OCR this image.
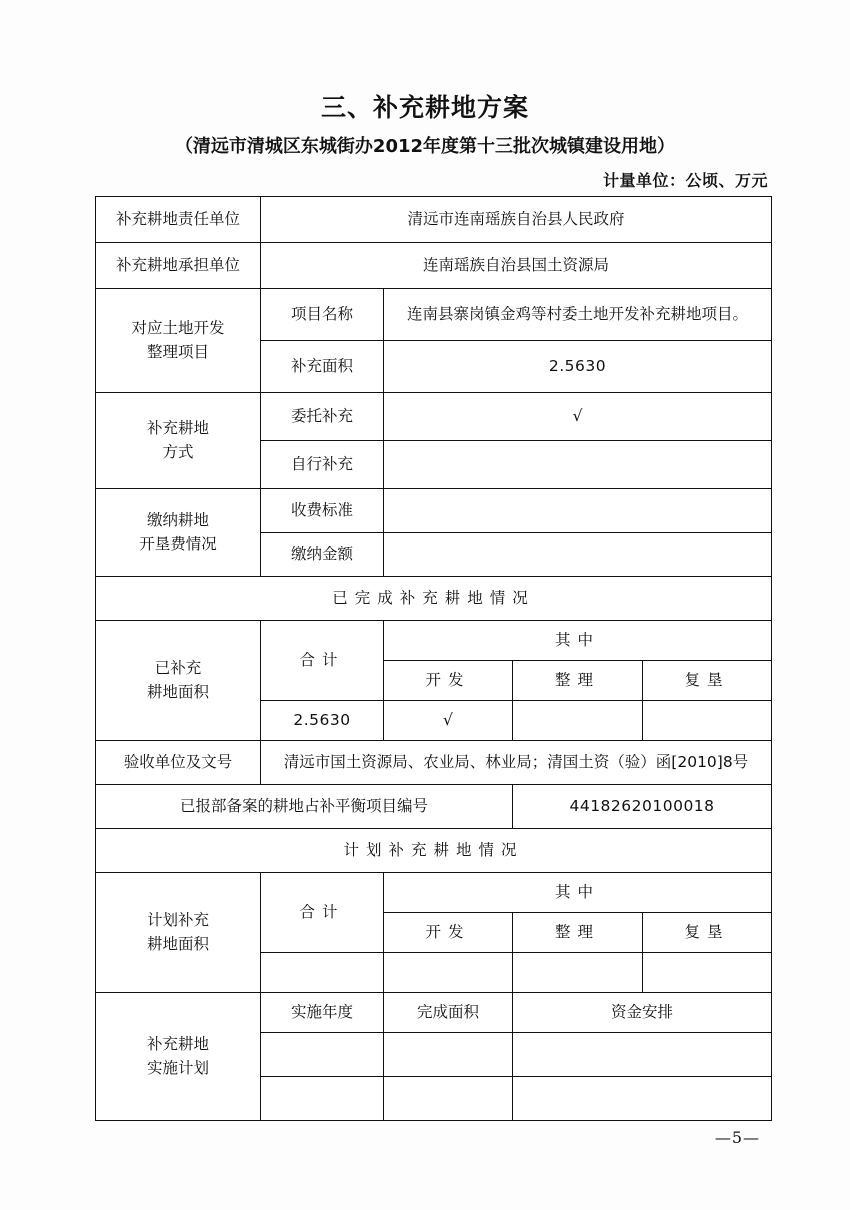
三、补充耕地方案
（清远市清城区东城街办2012年度第十三批次城镇建设用地）
计量单位：公顷、万元
补充耕地责任单位	清远市连南瑶族自治县人民政府			
补充耕地承担单位	连南瑶族自治县国土资源局			

对应土地开发
整理项目	项目名称	连南县寨岗镇金鸡等村委土地开发补充耕地项目。		
	补充面积	2.5630		

补充耕地
方式	委托补充	√		
	自行补充			

缴纳耕地
开垦费情况	收费标准			
	缴纳金额			
已完成补充耕地情况				

已补充
耕地面积	合计	其中		
		开发	整理	复垦
	2.5630	√		
验收单位及文号	清远市国土资源局、农业局、林业局；清国土资（验）函[2010]8号			
已报部备案的耕地占补平衡项目编号			44182620100018	
计划补充耕地情况				

计划补充
耕地面积	合计	其中		
		开发	整理	复垦

补充耕地
实施计划	实施年度	完成面积	资金安排	

—5—
